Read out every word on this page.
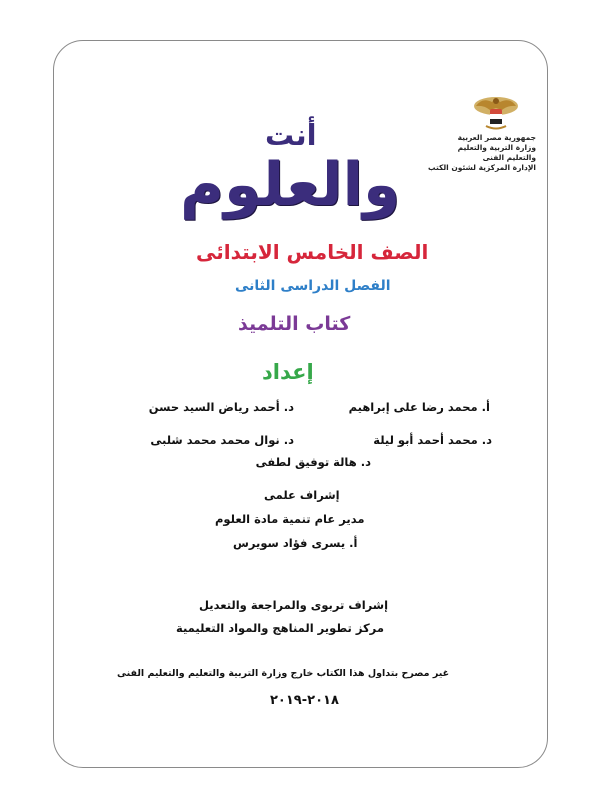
جمهورية مصر العربية
وزارة التربية والتعليم
والتعليم الفنى
الإدارة المركزية لشئون الكتب
أنت
والعلوم
الصف الخامس الابتدائى
الفصل الدراسى الثانى
كتاب التلميذ
إعداد
أ. محمد رضا على إبراهيم
د. أحمد رياض السيد حسن
د. محمد أحمد أبو ليلة
د. نوال محمد محمد شلبى
د. هالة توفيق لطفى
إشراف علمى
مدير عام تنمية مادة العلوم
أ. يسرى فؤاد سويرس
إشراف تربوى والمراجعة والتعديل
مركز تطوير المناهج والمواد التعليمية
غير مصرح بتداول هذا الكتاب خارج وزارة التربية والتعليم والتعليم الفنى
٢٠١٨-٢٠١٩
